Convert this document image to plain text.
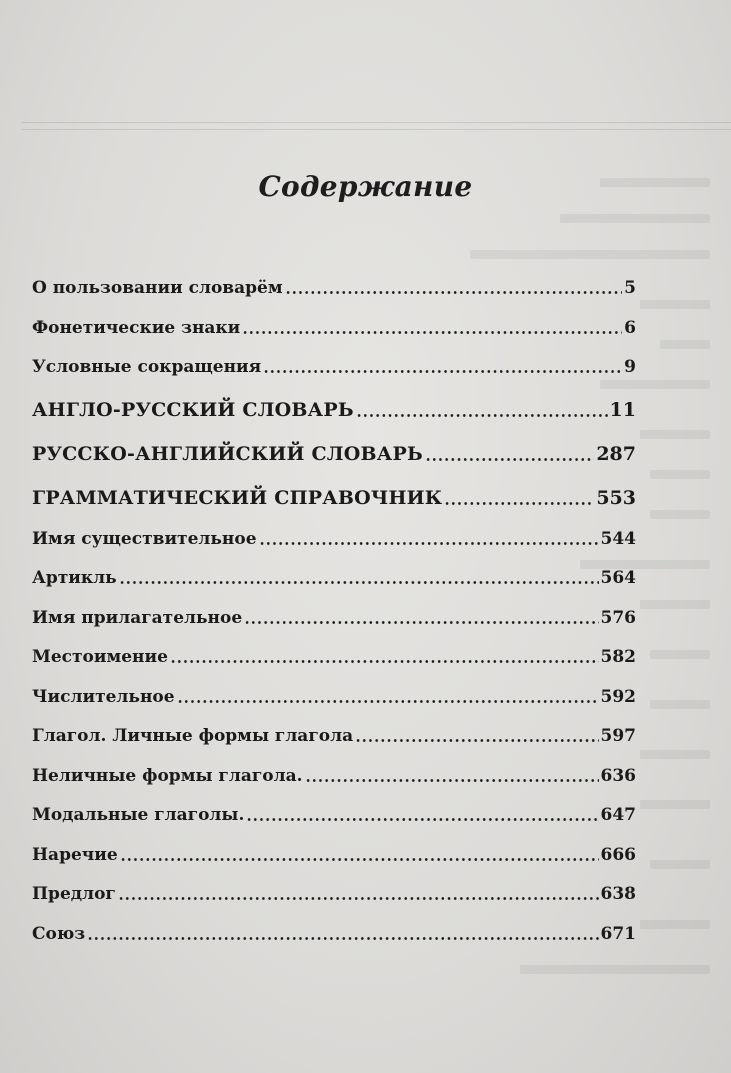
Содержание
О пользовании словарём	5
Фонетические знаки	6
Условные сокращения	9
АНГЛО-РУССКИЙ СЛОВАРЬ	11
РУССКО-АНГЛИЙСКИЙ СЛОВАРЬ	287
ГРАММАТИЧЕСКИЙ СПРАВОЧНИК	553
Имя существительное	544
Артикль	564
Имя прилагательное	576
Местоимение	582
Числительное	592
Глагол. Личные формы глагола	597
Неличные формы глагола.	636
Модальные глаголы.	647
Наречие	666
Предлог	638
Союз	671
